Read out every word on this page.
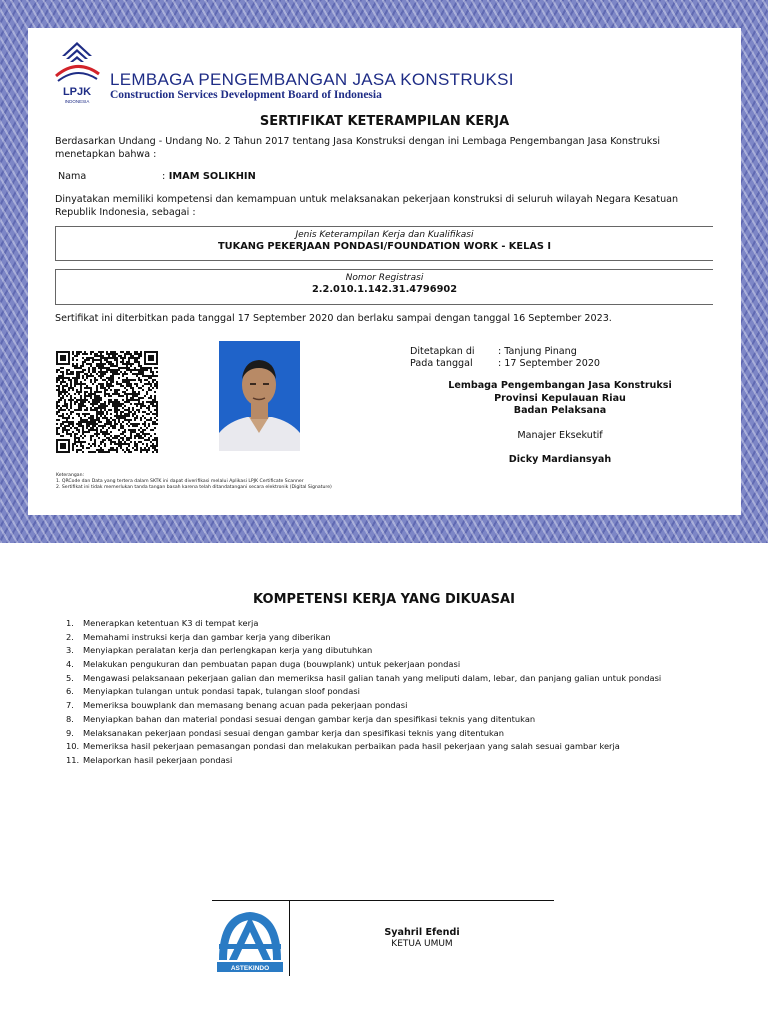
LPJK
INDONESIA
LEMBAGA PENGEMBANGAN JASA KONSTRUKSI
Construction Services Development Board of Indonesia
SERTIFIKAT KETERAMPILAN KERJA
Berdasarkan Undang - Undang No. 2 Tahun 2017 tentang Jasa Konstruksi dengan ini Lembaga Pengembangan Jasa Konstruksi menetapkan bahwa :
Nama	: IMAM SOLIKHIN
Dinyatakan memiliki kompetensi dan kemampuan untuk melaksanakan pekerjaan konstruksi di seluruh wilayah Negara Kesatuan Republik Indonesia, sebagai :
Jenis Keterampilan Kerja dan Kualifikasi
TUKANG PEKERJAAN PONDASI/FOUNDATION WORK - KELAS I
Nomor Registrasi
2.2.010.1.142.31.4796902
Sertifikat ini diterbitkan pada tanggal 17 September 2020 dan berlaku sampai dengan tanggal 16 September 2023.
Ditetapkan di : Tanjung Pinang
Pada tanggal	: 17 September 2020
Lembaga Pengembangan Jasa Konstruksi
Provinsi Kepulauan Riau
Badan Pelaksana
Manajer Eksekutif
Dicky Mardiansyah
Keterangan:
1. QRCode dan Data yang tertera dalam SKTK ini dapat diverifikasi melalui Aplikasi LPJK Certificate Scanner
2. Sertifikat ini tidak memerlukan tanda tangan basah karena telah ditandatangani secara elektronik (Digital Signature)
KOMPETENSI KERJA YANG DIKUASAI
1. Menerapkan ketentuan K3 di tempat kerja
2. Memahami instruksi kerja dan gambar kerja yang diberikan
3. Menyiapkan peralatan kerja dan perlengkapan kerja yang dibutuhkan
4. Melakukan pengukuran dan pembuatan papan duga (bouwplank) untuk pekerjaan pondasi
5. Mengawasi pelaksanaan pekerjaan galian dan memeriksa hasil galian tanah yang meliputi dalam, lebar, dan panjang galian untuk pondasi
6. Menyiapkan tulangan untuk pondasi tapak, tulangan sloof pondasi
7. Memeriksa bouwplank dan memasang benang acuan pada pekerjaan pondasi
8. Menyiapkan bahan dan material pondasi sesuai dengan gambar kerja dan spesifikasi teknis yang ditentukan
9. Melaksanakan pekerjaan pondasi sesuai dengan gambar kerja dan spesifikasi teknis yang ditentukan
10. Memeriksa hasil pekerjaan pemasangan pondasi dan melakukan perbaikan pada hasil pekerjaan yang salah sesuai gambar kerja
11. Melaporkan hasil pekerjaan pondasi
ASTEKINDO
Syahril Efendi
KETUA UMUM
